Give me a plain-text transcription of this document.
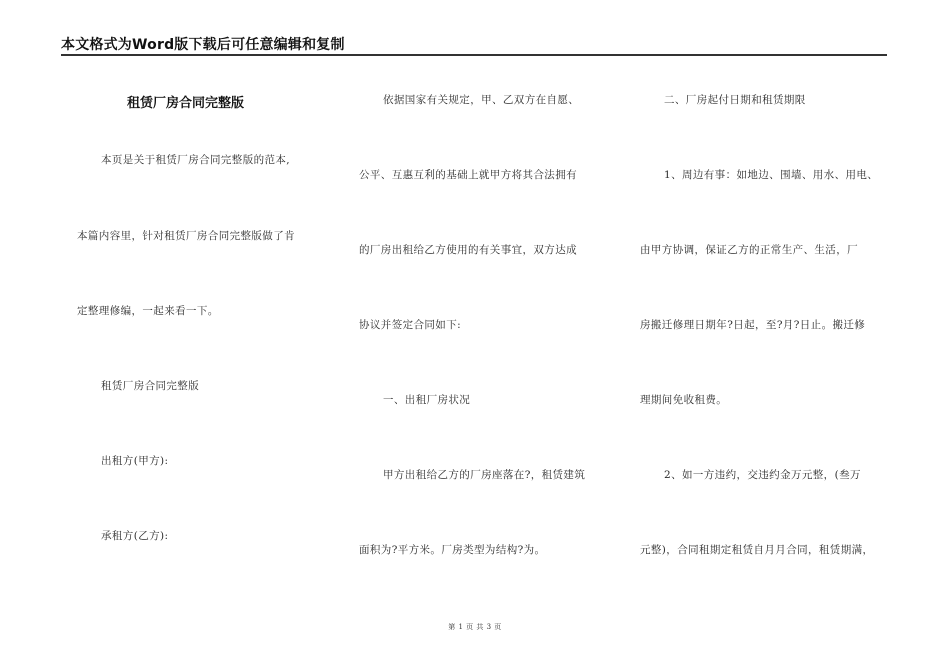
本文格式为Word版下载后可任意编辑和复制
租赁厂房合同完整版
本页是关于租赁厂房合同完整版的范本,
本篇内容里，针对租赁厂房合同完整版做了肯
定整理修编，一起来看一下。
租赁厂房合同完整版
出租方(甲方):
承租方(乙方):
依据国家有关规定，甲、乙双方在自愿、
公平、互惠互利的基础上就甲方将其合法拥有
的厂房出租给乙方使用的有关事宜，双方达成
协议并签定合同如下:
一、出租厂房状况
甲方出租给乙方的厂房座落在?，租赁建筑
面积为?平方米。厂房类型为结构?为。
二、厂房起付日期和租赁期限
1、周边有事：如地边、围墙、用水、用电、
由甲方协调，保证乙方的正常生产、生活，厂
房搬迁修理日期年?日起，至?月?日止。搬迁修
理期间免收租费。
2、如一方违约，交违约金万元整，(叁万
元整)，合同租期定租赁自月月合同，租赁期满，
第 1 页 共 3 页
